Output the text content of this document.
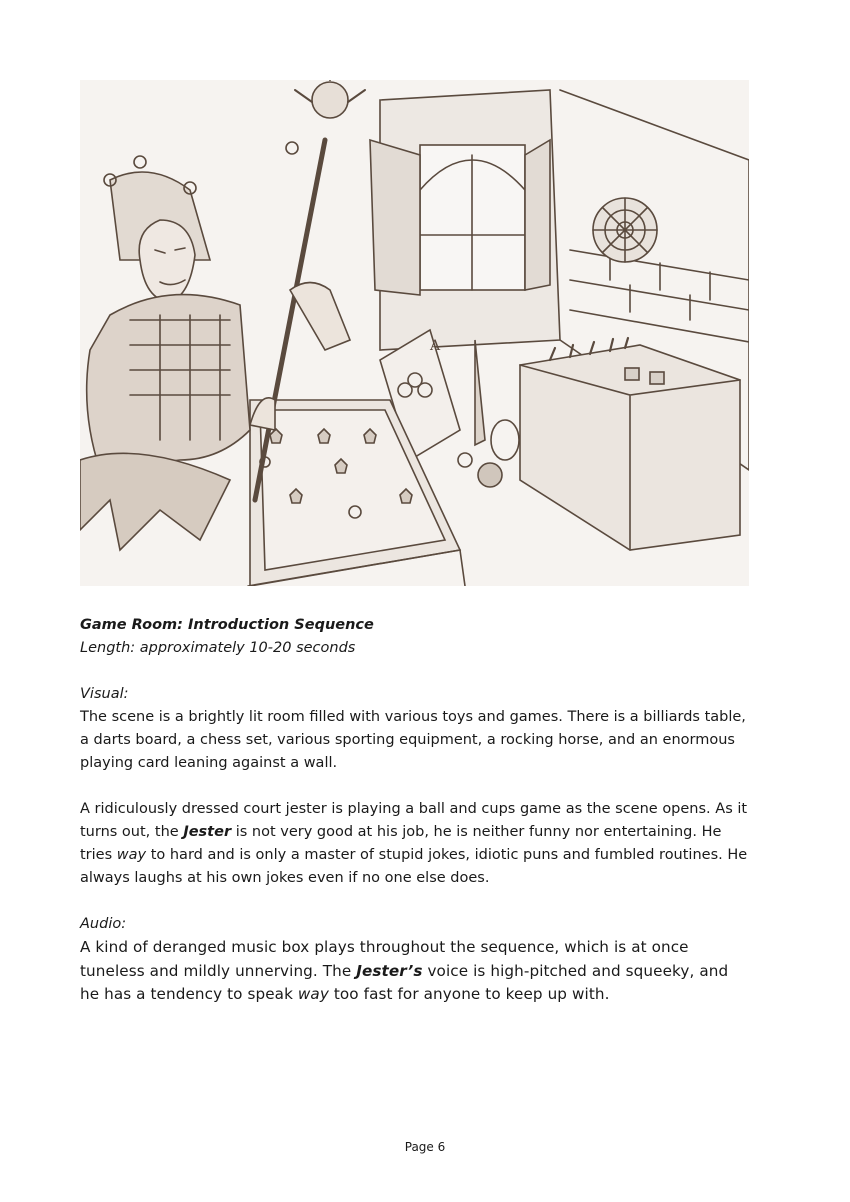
A
Game Room: Introduction Sequence
Length: approximately 10-20 seconds
Visual:

The scene is a brightly lit room filled with various toys and games. There is a billiards table, a darts board, a chess set, various sporting equipment, a rocking horse, and an enormous playing card leaning against a wall.

A ridiculously dressed court jester is playing a ball and cups game as the scene opens. As it turns out, the Jester is not very good at his job, he is neither funny nor entertaining. He tries way to hard and is only a master of stupid jokes, idiotic puns and fumbled routines. He always laughs at his own jokes even if no one else does.

Audio:

A kind of deranged music box plays throughout the sequence, which is at once tuneless and mildly unnerving. The Jester’s voice is high-pitched and squeeky, and he has a tendency to speak way too fast for anyone to keep up with.

Page 6
